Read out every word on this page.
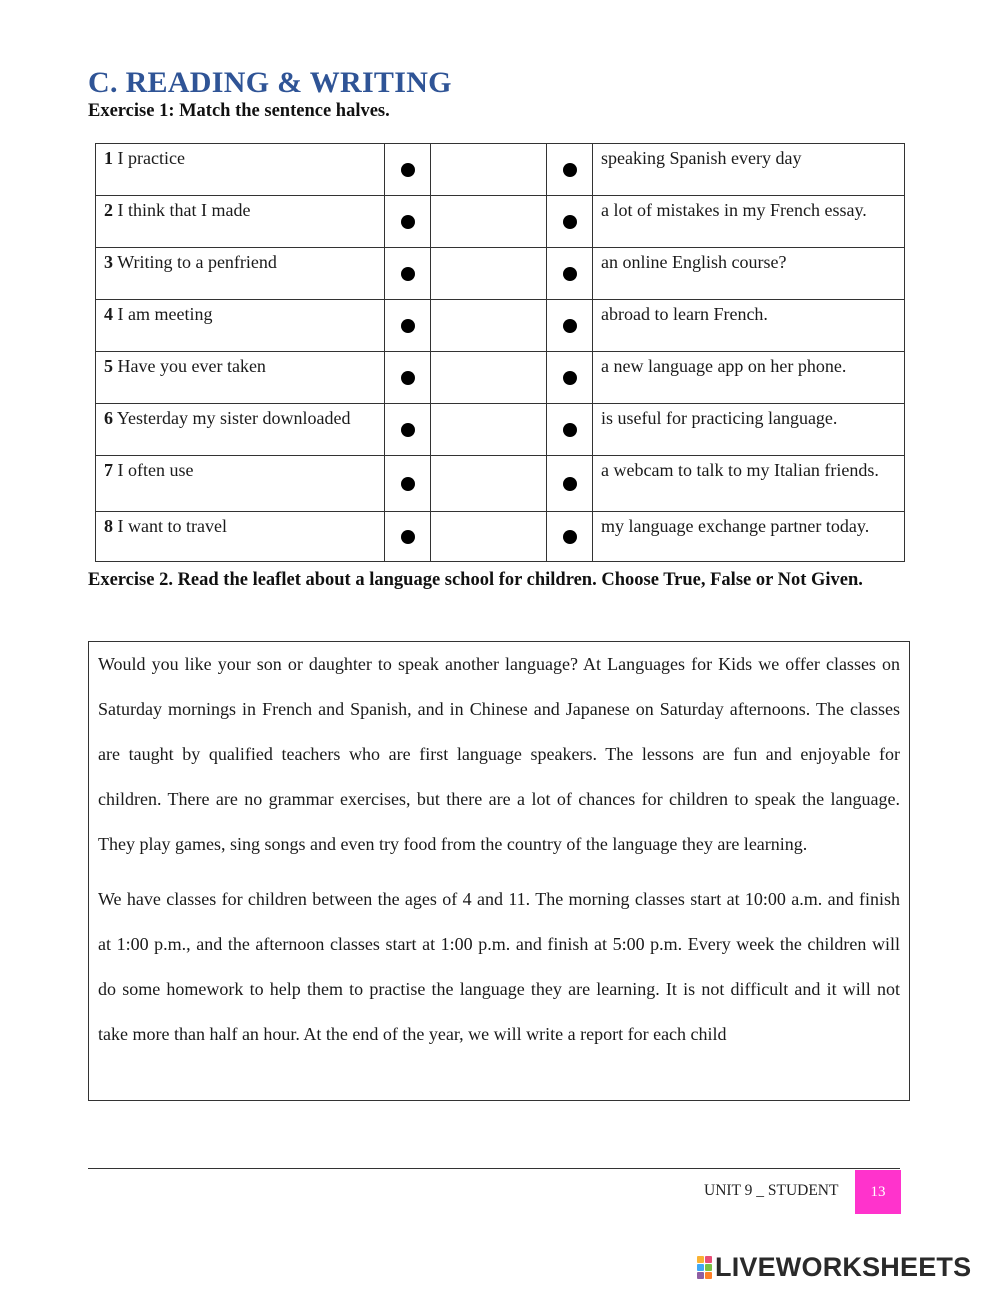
C. READING & WRITING
Exercise 1: Match the sentence halves.
1 I practice				speaking Spanish every day
2 I think that I made				a lot of mistakes in my French essay.
3 Writing to a penfriend				an online English course?
4 I am meeting				abroad to learn French.
5 Have you ever taken				a new language app on her phone.
6 Yesterday my sister downloaded				is useful for practicing language.
7 I often use				a webcam to talk to my Italian friends.
8 I want to travel				my language exchange partner today.
Exercise 2. Read the leaflet about a language school for children. Choose True, False or Not Given.

Would you like your son or daughter to speak another language? At Languages for Kids we offer classes on Saturday mornings in French and Spanish, and in Chinese and Japanese on Saturday afternoons. The classes are taught by qualified teachers who are first language speakers. The lessons are fun and enjoyable for children. There are no grammar exercises, but there are a lot of chances for children to speak the language. They play games, sing songs and even try food from the country of the language they are learning.

We have classes for children between the ages of 4 and 11. The morning classes start at 10:00 a.m. and finish at 1:00 p.m., and the afternoon classes start at 1:00 p.m. and finish at 5:00 p.m. Every week the children will do some homework to help them to practise the language they are learning. It is not difficult and it will not take more than half an hour. At the end of the year, we will write a report for each child

UNIT 9 _ STUDENT	13
LIVEWORKSHEETS
